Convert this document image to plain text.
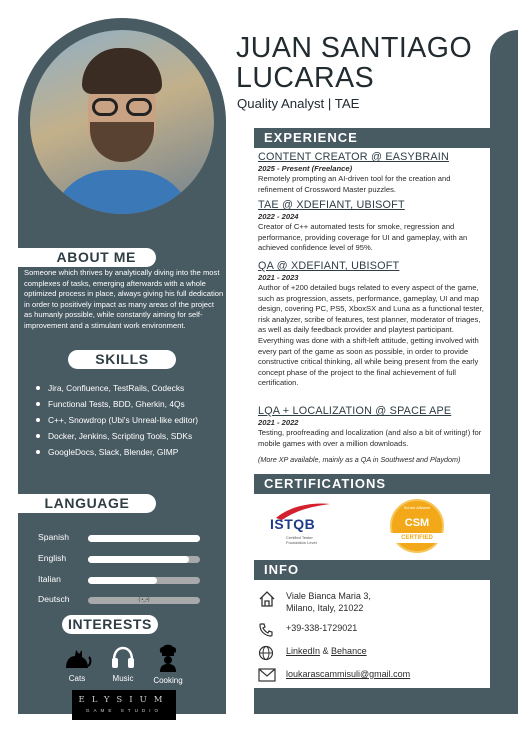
ABOUT ME
Someone which thrives by analytically diving into the most complexes of tasks, emerging afterwards with a whole optimized process in place, always giving his full dedication in order to positively impact as many areas of the project as humanly possible, while constantly aiming for self-improvement and a stimulant work environment.
SKILLS
Jira, Confluence, TestRails, Codecks
Functional Tests, BDD, Gherkin, 4Qs
C++, Snowdrop (Ubi's Unreal-like editor)
Docker, Jenkins, Scripting Tools, SDKs
GoogleDocs, Slack, Blender, GIMP
LANGUAGE
Spanish
English
Italian
Deutsch	( •_•)
INTERESTS
Cats	Music	Cooking
ELYSIUM
GAME STUDIO
JUAN SANTIAGO
LUCARAS
Quality Analyst | TAE
EXPERIENCE
CONTENT CREATOR @ EASYBRAIN
2025 - Present (Freelance)
Remotely prompting an AI-driven tool for the creation and refinement of Crossword Master puzzles.
TAE @ XDEFIANT, UBISOFT
2022 - 2024
Creator of C++ automated tests for smoke, regression and performance, providing coverage for UI and gameplay, with an achieved confidence level of 95%.
QA @ XDEFIANT, UBISOFT
2021 - 2023
Author of +200 detailed bugs related to every aspect of the game, such as progression, assets, performance, gameplay, UI and map design, covering PC, PS5, XboxSX and Luna as a functional tester, risk analyzer, scribe of features, test planner, moderator of triages, as well as daily feedback provider and playtest participant. Everything was done with a shift-left attitude, getting involved with every part of the game as soon as possible, in order to provide constructive critical thinking, all while being present from the early concept phase of the project to the final achievement of full certification.
LQA + LOCALIZATION @ SPACE APE
2021 - 2022
Testing, proofreading and localization (and also a bit of writing!) for mobile games with over a million downloads.
(More XP available, mainly as a QA in Southwest and Playdom)
CERTIFICATIONS
ISTQB
Certified Tester
Foundation Level
Scrum Alliance
CSM
CERTIFIED
INFO
Viale Bianca Maria 3,
Milano, Italy, 21022
+39-338-1729021
LinkedIn & Behance
loukarascammisuli@gmail.com
